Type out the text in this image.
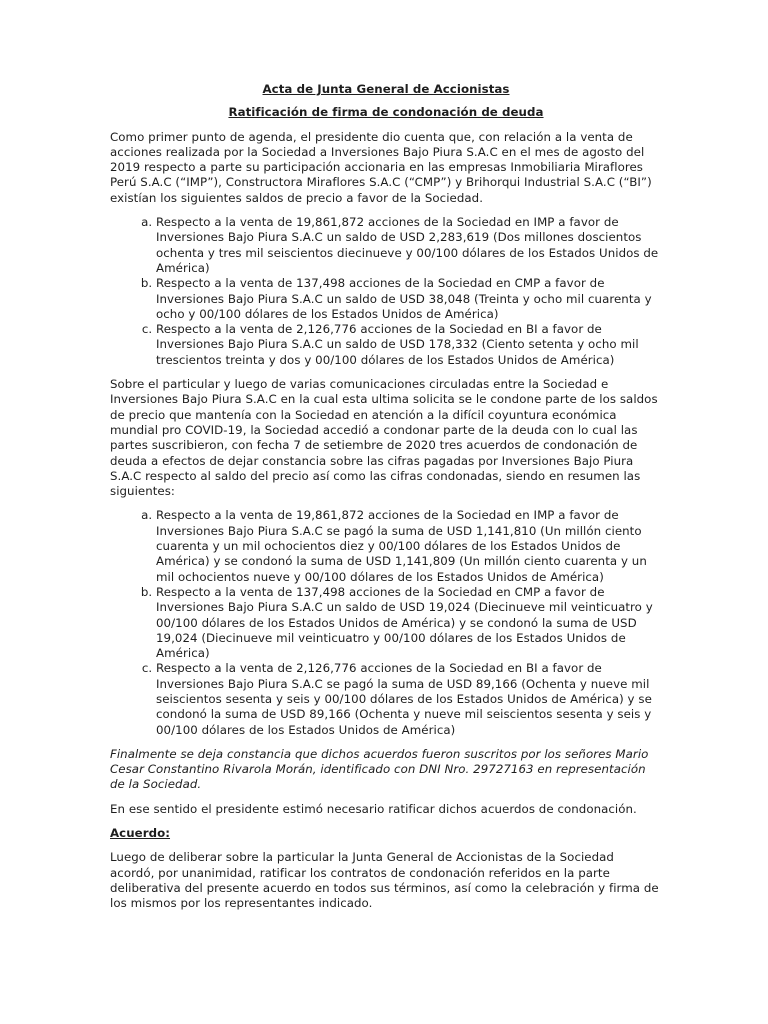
Acta de Junta General de Accionistas

Ratificación de firma de condonación de deuda

Como primer punto de agenda, el presidente dio cuenta que, con relación a la venta de acciones realizada por la Sociedad a Inversiones Bajo Piura S.A.C en el mes de agosto del 2019 respecto a parte su participación accionaria en las empresas Inmobiliaria Miraflores Perú S.A.C (“IMP”), Constructora Miraflores S.A.C (“CMP”) y Brihorqui Industrial S.A.C (“BI”) existían los siguientes saldos de precio a favor de la Sociedad.

a. Respecto a la venta de 19,861,872 acciones de la Sociedad en IMP a favor de Inversiones Bajo Piura S.A.C un saldo de USD 2,283,619 (Dos millones doscientos ochenta y tres mil seiscientos diecinueve y 00/100 dólares de los Estados Unidos de América)
b. Respecto a la venta de 137,498 acciones de la Sociedad en CMP a favor de Inversiones Bajo Piura S.A.C un saldo de USD 38,048 (Treinta y ocho mil cuarenta y ocho y 00/100 dólares de los Estados Unidos de América)
c. Respecto a la venta de 2,126,776 acciones de la Sociedad en BI a favor de Inversiones Bajo Piura S.A.C un saldo de USD 178,332 (Ciento setenta y ocho mil trescientos treinta y dos y 00/100 dólares de los Estados Unidos de América)

Sobre el particular y luego de varias comunicaciones circuladas entre la Sociedad e Inversiones Bajo Piura S.A.C en la cual esta ultima solicita se le condone parte de los saldos de precio que mantenía con la Sociedad en atención a la difícil coyuntura económica mundial pro COVID-19, la Sociedad accedió a condonar parte de la deuda con lo cual las partes suscribieron, con fecha 7 de setiembre de 2020 tres acuerdos de condonación de deuda a efectos de dejar constancia sobre las cifras pagadas por Inversiones Bajo Piura S.A.C respecto al saldo del precio así como las cifras condonadas, siendo en resumen las siguientes:

a. Respecto a la venta de 19,861,872 acciones de la Sociedad en IMP a favor de Inversiones Bajo Piura S.A.C se pagó la suma de USD 1,141,810 (Un millón ciento cuarenta y un mil ochocientos diez y 00/100 dólares de los Estados Unidos de América) y se condonó la suma de USD 1,141,809 (Un millón ciento cuarenta y un mil ochocientos nueve y 00/100 dólares de los Estados Unidos de América)
b. Respecto a la venta de 137,498 acciones de la Sociedad en CMP a favor de Inversiones Bajo Piura S.A.C un saldo de USD 19,024 (Diecinueve mil veinticuatro y 00/100 dólares de los Estados Unidos de América) y se condonó la suma de USD 19,024 (Diecinueve mil veinticuatro y 00/100 dólares de los Estados Unidos de América)
c. Respecto a la venta de 2,126,776 acciones de la Sociedad en BI a favor de Inversiones Bajo Piura S.A.C se pagó la suma de USD 89,166 (Ochenta y nueve mil seiscientos sesenta y seis y 00/100 dólares de los Estados Unidos de América) y se condonó la suma de USD 89,166 (Ochenta y nueve mil seiscientos sesenta y seis y 00/100 dólares de los Estados Unidos de América)

Finalmente se deja constancia que dichos acuerdos fueron suscritos por los señores Mario Cesar Constantino Rivarola Morán, identificado con DNI Nro. 29727163 en representación de la Sociedad.

En ese sentido el presidente estimó necesario ratificar dichos acuerdos de condonación.

Acuerdo:

Luego de deliberar sobre la particular la Junta General de Accionistas de la Sociedad acordó, por unanimidad, ratificar los contratos de condonación referidos en la parte deliberativa del presente acuerdo en todos sus términos, así como la celebración y firma de los mismos por los representantes indicado.
